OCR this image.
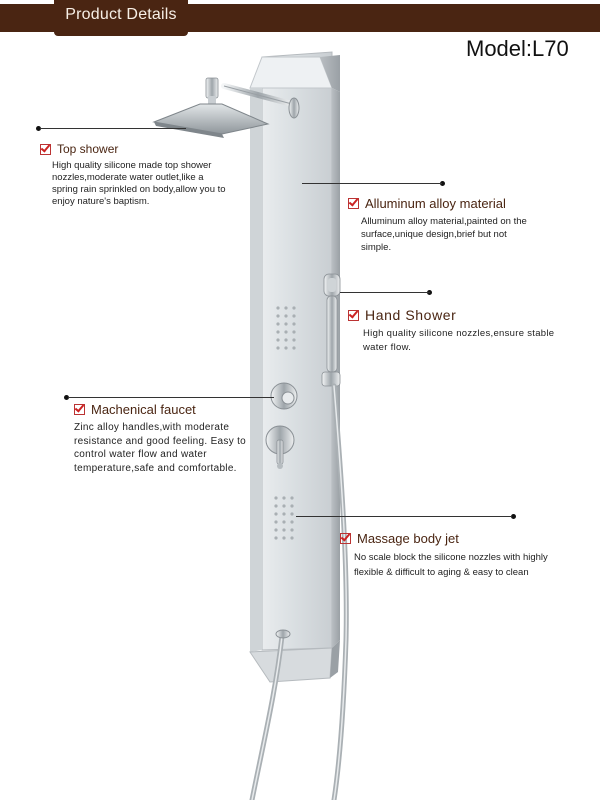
Product Details
Model:L70
Top shower
High quality silicone made top shower nozzles,moderate water outlet,like a spring rain sprinkled on body,allow you to enjoy nature's baptism.	Alluminum alloy material
Alluminum alloy material,painted on the surface,unique design,brief but not simple.
Hand Shower
High quality silicone nozzles,ensure stable water flow.
Machenical faucet
Zinc alloy handles,with moderate resistance and good feeling. Easy to control water flow and water temperature,safe and comfortable.
Massage body jet
No scale block the silicone nozzles with highly flexible & difficult to aging & easy to clean
